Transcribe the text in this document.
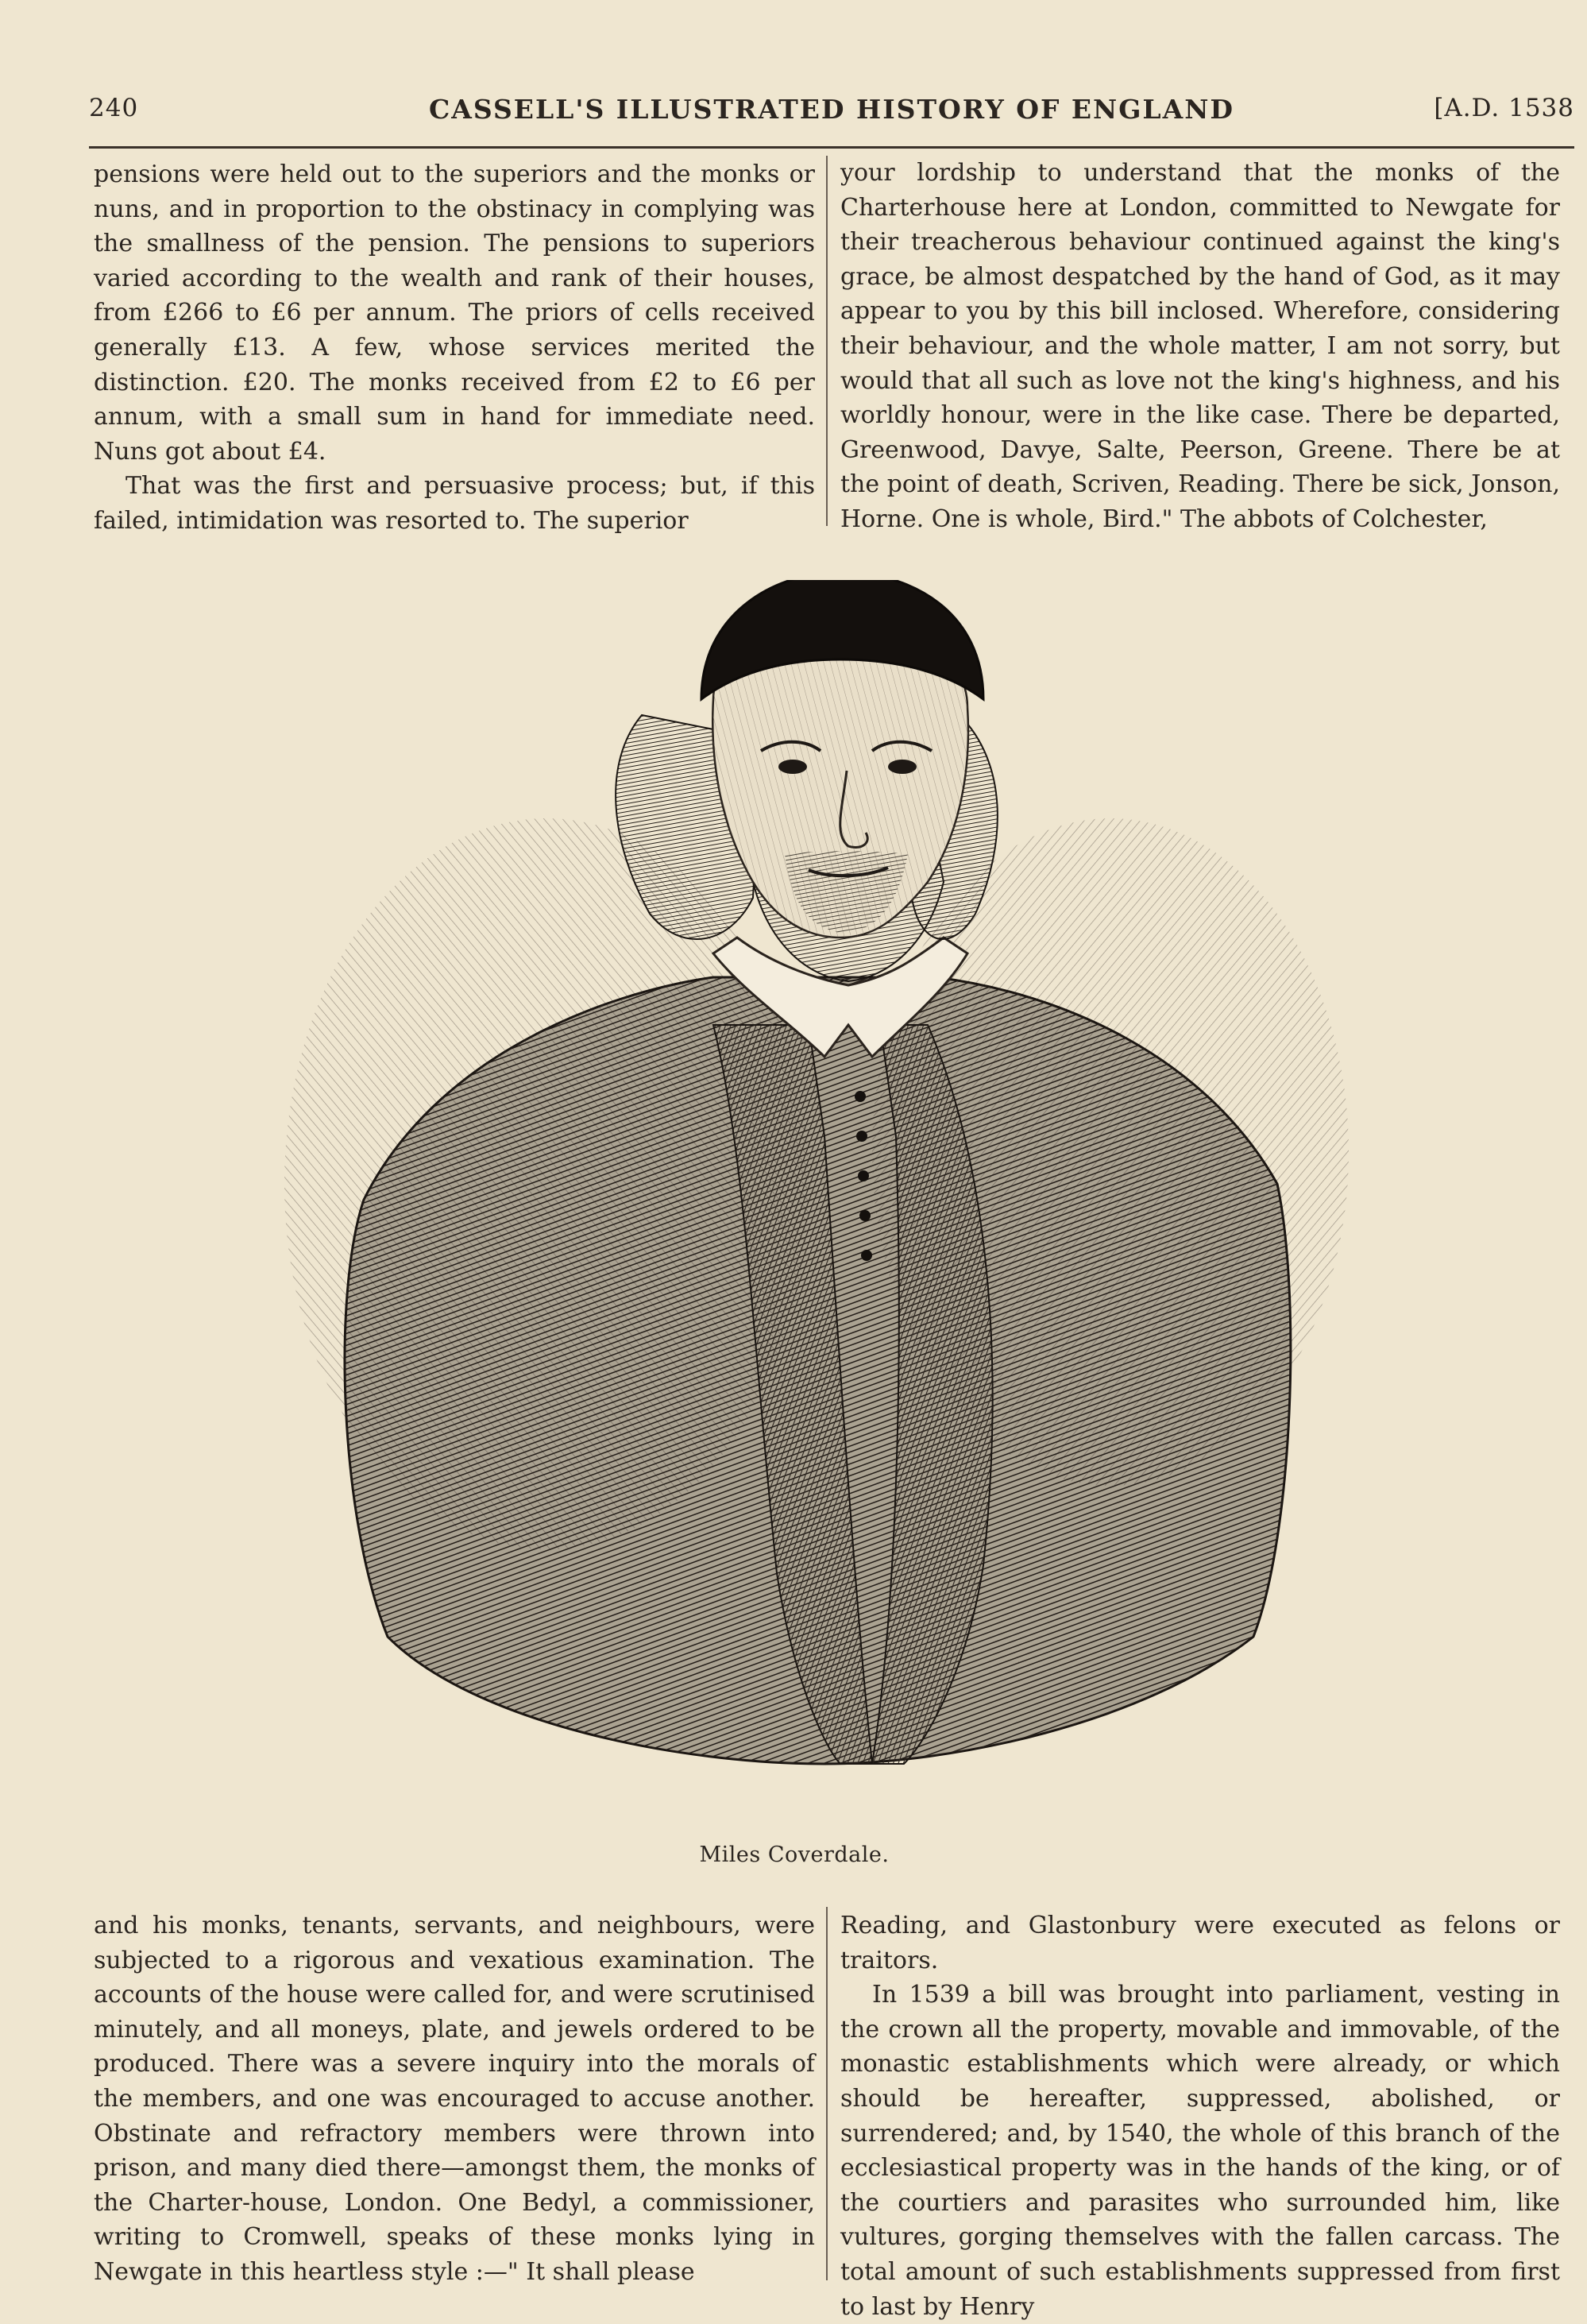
240	CASSELL'S ILLUSTRATED HISTORY OF ENGLAND	[A.D. 1538

pensions were held out to the superiors and the monks or nuns, and in proportion to the obstinacy in complying was the smallness of the pension. The pensions to superiors varied according to the wealth and rank of their houses, from £266 to £6 per annum. The priors of cells received generally £13. A few, whose services merited the distinction. £20. The monks received from £2 to £6 per annum, with a small sum in hand for immediate need. Nuns got about £4.

That was the first and persuasive process; but, if this failed, intimidation was resorted to. The superior

your lordship to understand that the monks of the Charterhouse here at London, committed to Newgate for their treacherous behaviour continued against the king's grace, be almost despatched by the hand of God, as it may appear to you by this bill inclosed. Wherefore, considering their behaviour, and the whole matter, I am not sorry, but would that all such as love not the king's highness, and his worldly honour, were in the like case. There be departed, Greenwood, Davye, Salte, Peerson, Greene. There be at the point of death, Scriven, Reading. There be sick, Jonson, Horne. One is whole, Bird." The abbots of Colchester,

Miles Coverdale.

and his monks, tenants, servants, and neighbours, were subjected to a rigorous and vexatious examination. The accounts of the house were called for, and were scrutinised minutely, and all moneys, plate, and jewels ordered to be produced. There was a severe inquiry into the morals of the members, and one was encouraged to accuse another. Obstinate and refractory members were thrown into prison, and many died there—amongst them, the monks of the Charter-house, London. One Bedyl, a commissioner, writing to Cromwell, speaks of these monks lying in Newgate in this heartless style :—" It shall please

Reading, and Glastonbury were executed as felons or traitors.

In 1539 a bill was brought into parliament, vesting in the crown all the property, movable and immovable, of the monastic establishments which were already, or which should be hereafter, suppressed, abolished, or surrendered; and, by 1540, the whole of this branch of the ecclesiastical property was in the hands of the king, or of the courtiers and parasites who surrounded him, like vultures, gorging themselves with the fallen carcass. The total amount of such establishments suppressed from first to last by Henry
